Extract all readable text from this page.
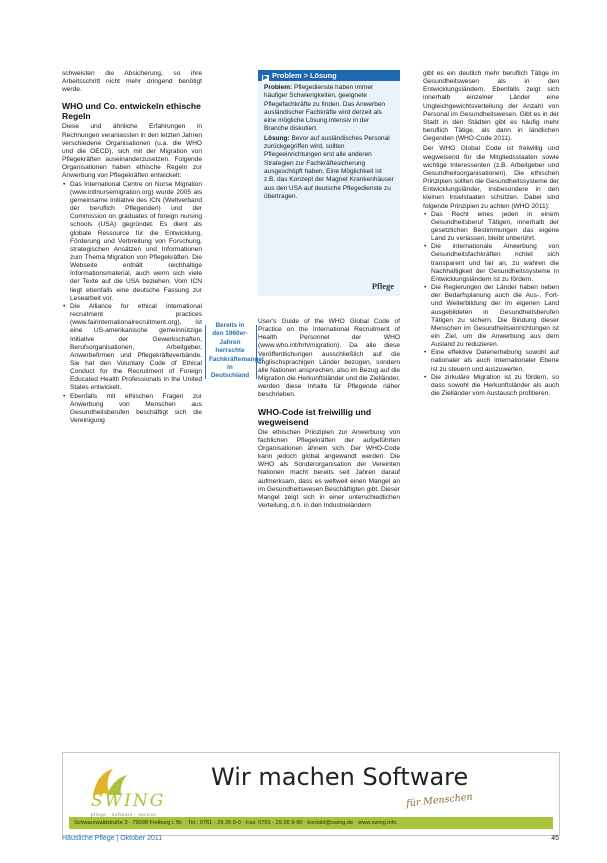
schweisten die Absicherung, so ihre Arbeitsschritt nicht mehr dringend benötigt werde.

WHO und Co. entwickeln ethische Regeln

Diese und ähnliche Erfahrungen in Rechnungen veranlassten in den letzten Jahren verschiedene Organisationen (u.a. die WHO und die OECD), sich mit der Migration von Pflegekräften auseinanderzusetzen. Folgende Organisationen haben ethische Regeln zur Anwerbung von Pflegekräften entwickelt:

• Das International Centre on Nurse Migration (www.intlnursemigration.org) wurde 2005 als gemeinsame Initiative des ICN (Weltverband der beruflich Pflegenden) und der Commission on graduates of foreign nursing schools (USA) gegründet. Es dient als globale Ressource für die Entwicklung, Förderung und Verbreitung von Forschung, strategischen Ansätzen und Informationen zum Thema Migration von Pflegekräften. Die Webseite enthält reichhaltige Informationsmaterial, auch wenn sich viele der Texte auf die USA beziehen. Vom ICN liegt ebenfalls eine deutsche Fassung zur Lesearbeit vor.
• Die Alliance for ethical international recruitment practices (www.fairinternationalrecruitment.org), ist eine US-amerikanische gemeinnützige Initiative der Gewerkschaften, Berufsorganisationen, Arbeitgeber, Anwerbefirmen und Pflegekräfteverbände. Sie hat den Voluntary Code of Ethical Conduct for the Recruitment of Foreign Educated Health Professionals in the United States entwickelt.
• Ebenfalls mit ethischen Fragen zur Anwerbung von Menschen aus Gesundheitsberufen beschäftigt sich die Vereinigung
▶ Problem > Lösung

Problem: Pflegedienste haben immer häufiger Schwierigkeiten, geeignete Pflegefachkräfte zu finden. Das Anwerben ausländischer Fachkräfte wird derzeit als eine mögliche Lösung intensiv in der Branche diskutiert.

Lösung: Bevor auf ausländisches Personal zurückgegriffen wird, sollten Pflegeeinrichtungen erst alle anderen Strategien zur Fachkräftesicherung ausgeschöpft haben. Eine Möglichkeit ist z.B. das Konzept der Magnet Krankenhäuser aus den USA auf deutsche Pflegedienste zu übertragen.

Pflege
Bereits in den 1960er-Jahren herrschte Fachkräftemangel in Deutschland

User's Guide of the WHO Global Code of Practice on the International Recruitment of Health Personnel der WHO (www.who.int/hrh/migration). Da alle diese Veröffentlichungen ausschließlich auf die englischsprachigen Länder bezogen, sondern alle Nationen ansprechen, also im Bezug auf die Migration die Herkunftsländer und die Zielländer, werden diese Inhalte für Pflegende näher beschrieben.

WHO-Code ist freiwillig und wegweisend

Die ethischen Prinzipien zur Anwerbung von fachlichen Pflegekräften der aufgeführten Organisationen ähneln sich. Der WHO-Code kann jedoch global angewandt werden. Die WHO als Sonderorganisation der Vereinten Nationen macht bereits seit Jahren darauf aufmerksam, dass es weltweit einen Mangel an im Gesundheitswesen Beschäftigten gibt. Dieser Mangel zeigt sich in einer unterschiedlichen Verteilung, d.h. in den Industrieländern

gibt es ein deutlich mehr beruflich Tätige im Gesundheitswesen als in den Entwicklungsländern. Ebenfalls zeigt sich innerhalb einzelner Länder eine Ungleichgewichtsverteilung der Anzahl von Personal im Gesundheitswesen. Gibt es in der Stadt in den Städten gibt es häufig mehr beruflich Tätige, als dann in ländlichen Gegenden (WHO-Code 2011).

Der WHO Global Code ist freiwillig und wegweisend für die Mitgliedsstaaten sowie wichtige Interessenten (z.B. Arbeitgeber und Gesundheitsorganisationen). Die ethischen Prinzipien sollten die Gesundheitssysteme der Entwicklungsländer, insbesondere in den kleinen Inselstaaten schützen. Dabei sind folgende Prinzipien zu achten (WHO 2011):

• Das Recht eines jeden in einem Gesundheitsberuf Tätigen, innerhalb der gesetzlichen Bestimmungen das eigene Land zu verlassen, bleibt unberührt.
• Die internationale Anwerbung von Gesundheitsfachkräften richtet sich transparent und fair an, zu wahren die Nachhaltigkeit der Gesundheitssysteme in Entwicklungsländern ist zu fördern.
• Die Regierungen der Länder haben neben der Bedarfsplanung auch die Aus-, Fort- und Weiterbildung der im eigenen Land ausgebildeten in Gesundheitsberufen Tätigen zu sichern. Die Bindung dieser Menschen im Gesundheitseinrichtungen ist ein Ziel, um die Anwerbung aus dem Ausland zu reduzieren.
• Eine effektive Datenerhebung sowohl auf nationaler als auch internationaler Ebene ist zu steuern und auszuwerten.
• Die zirkuläre Migration ist zu fördern, so dass sowohl die Herkunftsländer als auch die Zielländer vom Austausch profitieren.
SWING
pflege · software · service
Wir machen Software
für Menschen
Schwarzwaldstraße 3 · 79098 Freiburg i. Br. · Tel.: 0761 - 29 26 9-0 · Fax: 0761 - 29 26 9-90 · kontakt@swing.de · www.swing.info
Häusliche Pflege | Oktober 2011	45
